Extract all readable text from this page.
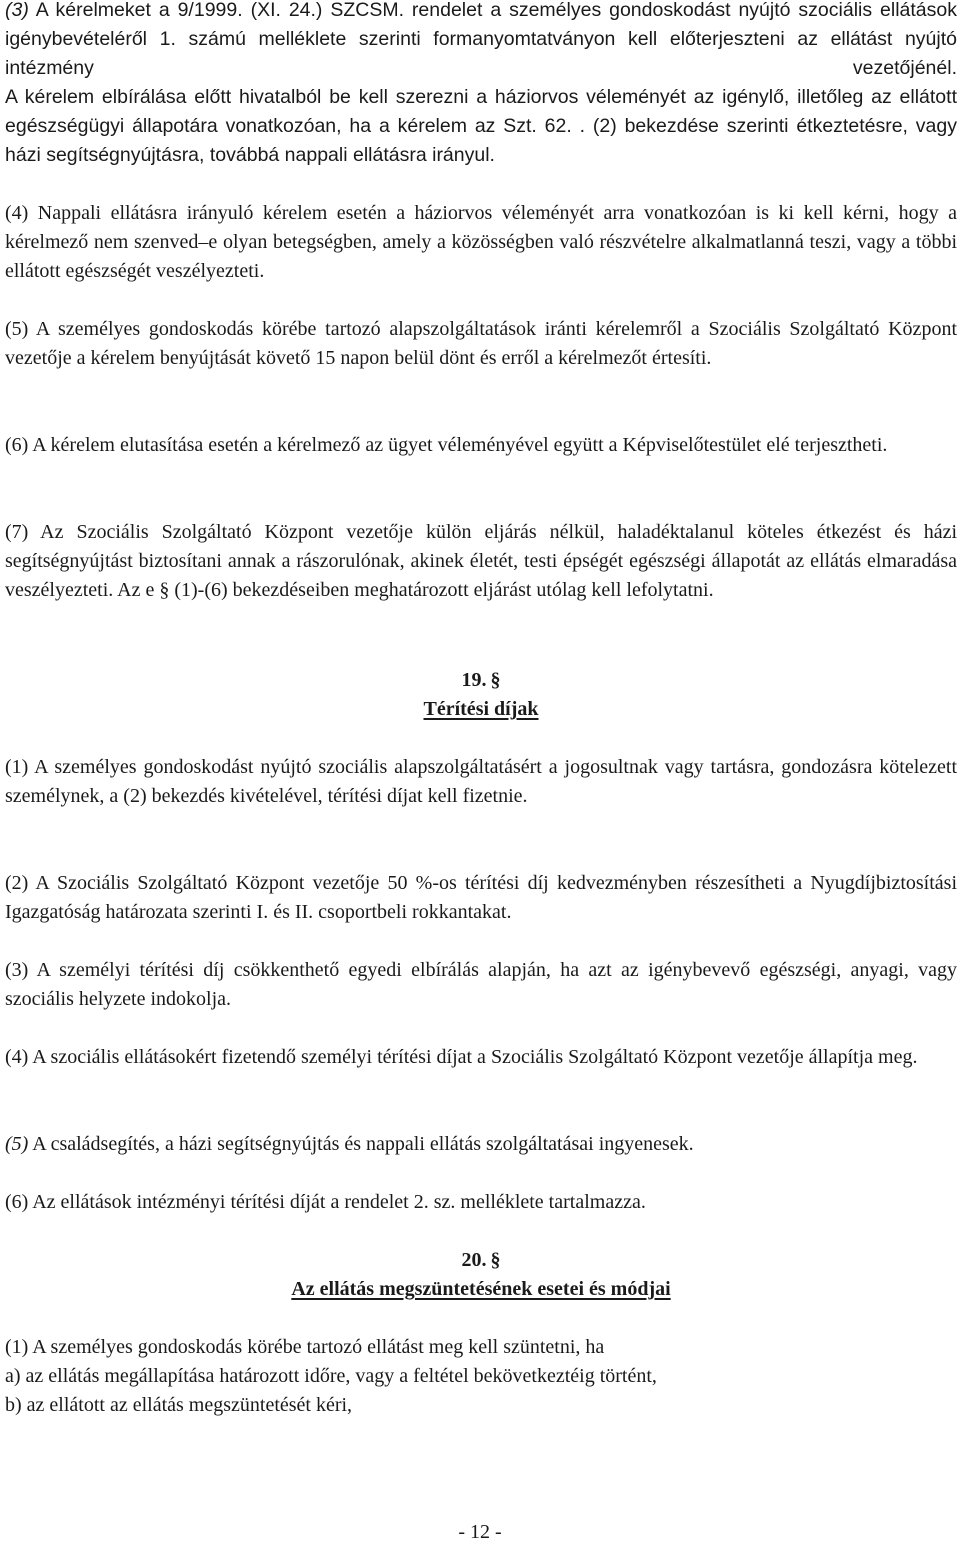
(3) A kérelmeket a 9/1999. (XI. 24.) SZCSM. rendelet a személyes gondoskodást nyújtó szociális ellátások igénybevételéről 1. számú melléklete szerinti formanyomtatványon kell előterjeszteni az ellátást nyújtó intézmény vezetőjénél.

A kérelem elbírálása előtt hivatalból be kell szerezni a háziorvos véleményét az igénylő, illetőleg az ellátott egészségügyi állapotára vonatkozóan, ha a kérelem az Szt. 62. . (2) bekezdése szerinti étkeztetésre, vagy házi segítségnyújtásra, továbbá nappali ellátásra irányul.

(4) Nappali ellátásra irányuló kérelem esetén a háziorvos véleményét arra vonatkozóan is ki kell kérni, hogy a kérelmező nem szenved–e olyan betegségben, amely a közösségben való részvételre alkalmatlanná teszi, vagy a többi ellátott egészségét veszélyezteti.

(5) A személyes gondoskodás körébe tartozó alapszolgáltatások iránti kérelemről a Szociális Szolgáltató Központ vezetője a kérelem benyújtását követő 15 napon belül dönt és erről a kérelmezőt értesíti.

(6) A kérelem elutasítása esetén a kérelmező az ügyet véleményével együtt a Képviselőtestület elé terjesztheti.

(7) Az Szociális Szolgáltató Központ vezetője külön eljárás nélkül, haladéktalanul köteles étkezést és házi segítségnyújtást biztosítani annak a rászorulónak, akinek életét, testi épségét egészségi állapotát az ellátás elmaradása veszélyezteti. Az e § (1)-(6) bekezdéseiben meghatározott eljárást utólag kell lefolytatni.

19. §
Térítési díjak

(1) A személyes gondoskodást nyújtó szociális alapszolgáltatásért a jogosultnak vagy tartásra, gondozásra kötelezett személynek, a (2) bekezdés kivételével, térítési díjat kell fizetnie.

(2) A Szociális Szolgáltató Központ vezetője 50 %-os térítési díj kedvezményben részesítheti a Nyugdíjbiztosítási Igazgatóság határozata szerinti I. és II. csoportbeli rokkantakat.

(3) A személyi térítési díj csökkenthető egyedi elbírálás alapján, ha azt az igénybevevő egészségi, anyagi, vagy szociális helyzete indokolja.

(4) A szociális ellátásokért fizetendő személyi térítési díjat a Szociális Szolgáltató Központ vezetője állapítja meg.

(5) A családsegítés, a házi segítségnyújtás és nappali ellátás szolgáltatásai ingyenesek.

(6) Az ellátások intézményi térítési díját a rendelet 2. sz. melléklete tartalmazza.

20. §
Az ellátás megszüntetésének esetei és módjai
(1) A személyes gondoskodás körébe tartozó ellátást meg kell szüntetni, ha
a) az ellátás megállapítása határozott időre, vagy a feltétel bekövetkeztéig történt,
b) az ellátott az ellátás megszüntetését kéri,
- 12 -
